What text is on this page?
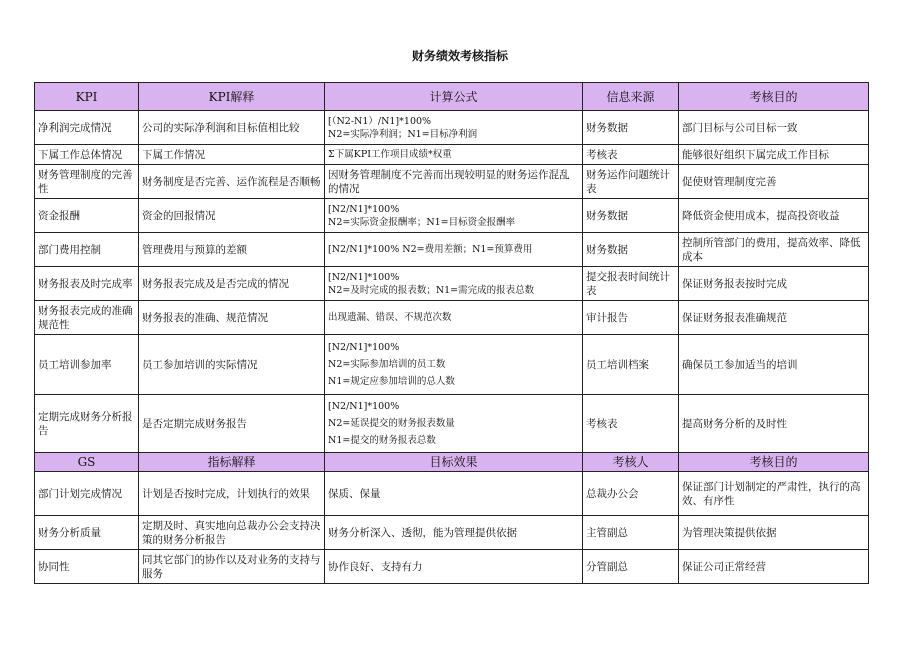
财务绩效考核指标
KPI	KPI解释	计算公式	信息来源	考核目的
净利润完成情况	公司的实际净利润和目标值相比较	[（N2-N1）/N1]*100%
N2=实际净利润；N1=目标净利润	财务数据	部门目标与公司目标一致
下属工作总体情况	下属工作情况	Σ下属KPI工作项目成绩*权重	考核表	能够很好组织下属完成工作目标
财务管理制度的完善性	财务制度是否完善、运作流程是否顺畅	因财务管理制度不完善而出现较明显的财务运作混乱的情况	财务运作问题统计表	促使财管理制度完善
资金报酬	资金的回报情况	[N2/N1]*100%
N2=实际资金报酬率；N1=目标资金报酬率	财务数据	降低资金使用成本，提高投资收益
部门费用控制	管理费用与预算的差额	[N2/N1]*100% N2=费用差额；N1=预算费用	财务数据	控制所管部门的费用，提高效率、降低成本
财务报表及时完成率	财务报表完成及是否完成的情况	[N2/N1]*100%
N2=及时完成的报表数；N1=需完成的报表总数	提交报表时间统计表	保证财务报表按时完成
财务报表完成的准确规范性	财务报表的准确、规范情况	出现遗漏、错误、不规范次数	审计报告	保证财务报表准确规范
员工培训参加率	员工参加培训的实际情况	[N2/N1]*100%
N2=实际参加培训的员工数
N1=规定应参加培训的总人数	员工培训档案	确保员工参加适当的培训
定期完成财务分析报告	是否定期完成财务报告	[N2/N1]*100%
N2=延误提交的财务报表数量
N1=提交的财务报表总数	考核表	提高财务分析的及时性
GS	指标解释	目标效果	考核人	考核目的
部门计划完成情况	计划是否按时完成，计划执行的效果	保质、保量	总裁办公会	保证部门计划制定的严肃性，执行的高效、有序性
财务分析质量	定期及时、真实地向总裁办公会支持决策的财务分析报告	财务分析深入、透彻，能为管理提供依据	主管副总	为管理决策提供依据
协同性	同其它部门的协作以及对业务的支持与服务	协作良好、支持有力	分管副总	保证公司正常经营
